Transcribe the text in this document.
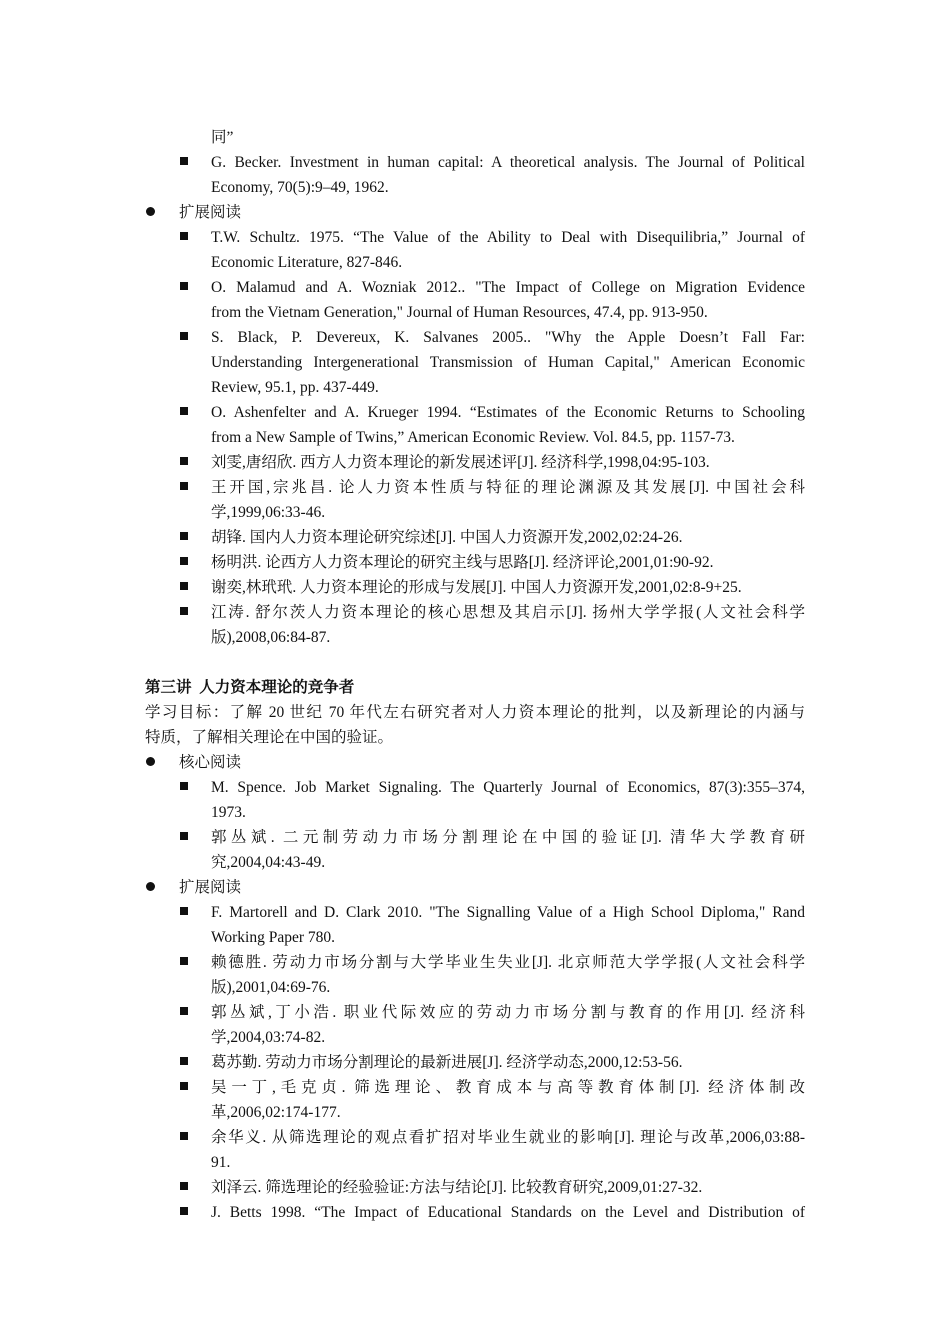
同”
G. Becker. Investment in human capital: A theoretical analysis. The Journal of Political
Economy, 70(5):9–49, 1962.
扩展阅读
T.W. Schultz. 1975. “The Value of the Ability to Deal with Disequilibria,” Journal of
Economic Literature, 827-846.
O. Malamud and A. Wozniak 2012.. "The Impact of College on Migration Evidence
from the Vietnam Generation," Journal of Human Resources, 47.4, pp. 913-950.
S. Black, P. Devereux, K. Salvanes 2005.. "Why the Apple Doesn’t Fall Far:
Understanding Intergenerational Transmission of Human Capital," American Economic
Review, 95.1, pp. 437-449.
O. Ashenfelter and A. Krueger 1994. “Estimates of the Economic Returns to Schooling
from a New Sample of Twins,” American Economic Review. Vol. 84.5, pp. 1157-73.
刘雯,唐绍欣. 西方人力资本理论的新发展述评[J]. 经济科学,1998,04:95-103.
王开国,宗兆昌. 论人力资本性质与特征的理论渊源及其发展[J]. 中国社会科
学,1999,06:33-46.
胡锋. 国内人力资本理论研究综述[J]. 中国人力资源开发,2002,02:24-26.
杨明洪. 论西方人力资本理论的研究主线与思路[J]. 经济评论,2001,01:90-92.
谢奕,林玳玳. 人力资本理论的形成与发展[J]. 中国人力资源开发,2001,02:8-9+25.
江涛. 舒尔茨人力资本理论的核心思想及其启示[J]. 扬州大学学报(人文社会科学
版),2008,06:84-87.
第三讲  人力资本理论的竞争者
学习目标：了解 20 世纪 70 年代左右研究者对人力资本理论的批判，以及新理论的内涵与
特质，了解相关理论在中国的验证。
核心阅读
M. Spence. Job Market Signaling. The Quarterly Journal of Economics, 87(3):355–374,
1973.
郭丛斌. 二元制劳动力市场分割理论在中国的验证[J]. 清华大学教育研
究,2004,04:43-49.
扩展阅读
F. Martorell and D. Clark 2010. "The Signalling Value of a High School Diploma," Rand
Working Paper 780.
赖德胜. 劳动力市场分割与大学毕业生失业[J]. 北京师范大学学报(人文社会科学
版),2001,04:69-76.
郭丛斌,丁小浩. 职业代际效应的劳动力市场分割与教育的作用[J]. 经济科
学,2004,03:74-82.
葛苏勤. 劳动力市场分割理论的最新进展[J]. 经济学动态,2000,12:53-56.
吴一丁,毛克贞. 筛选理论、教育成本与高等教育体制[J]. 经济体制改
革,2006,02:174-177.
余华义. 从筛选理论的观点看扩招对毕业生就业的影响[J]. 理论与改革,2006,03:88-
91.
刘泽云. 筛选理论的经验验证:方法与结论[J]. 比较教育研究,2009,01:27-32.
J. Betts 1998. “The Impact of Educational Standards on the Level and Distribution of
